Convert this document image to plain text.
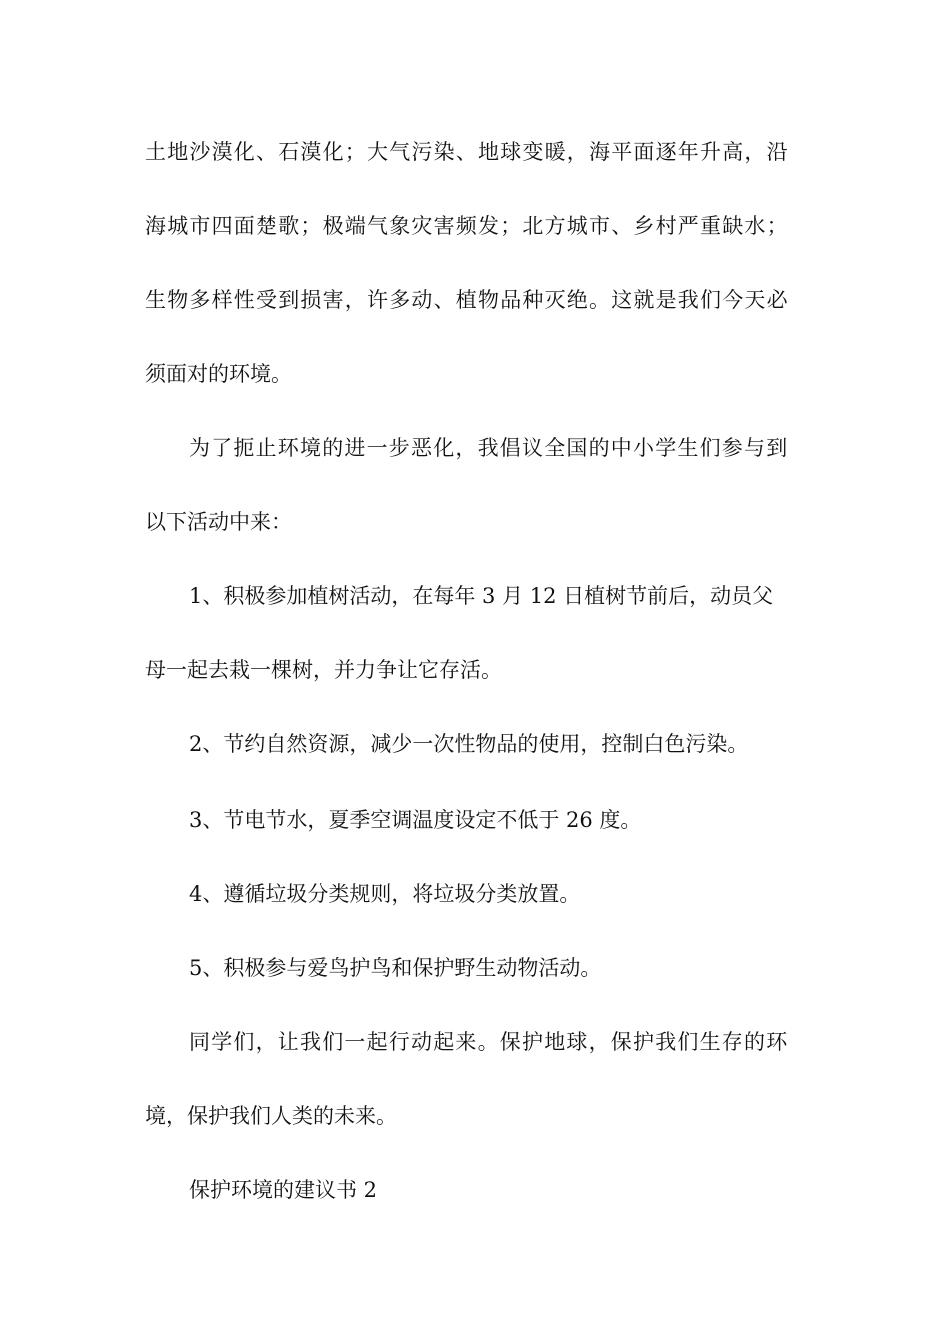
土地沙漠化、石漠化；大气污染、地球变暖，海平面逐年升高，沿
海城市四面楚歌；极端气象灾害频发；北方城市、乡村严重缺水；
生物多样性受到损害，许多动、植物品种灭绝。这就是我们今天必
须面对的环境。
为了扼止环境的进一步恶化，我倡议全国的中小学生们参与到
以下活动中来：
1、积极参加植树活动，在每年 3 月 12 日植树节前后，动员父
母一起去栽一棵树，并力争让它存活。
2、节约自然资源，减少一次性物品的使用，控制白色污染。
3、节电节水，夏季空调温度设定不低于 26 度。
4、遵循垃圾分类规则，将垃圾分类放置。
5、积极参与爱鸟护鸟和保护野生动物活动。
同学们，让我们一起行动起来。保护地球，保护我们生存的环
境，保护我们人类的未来。
保护环境的建议书 2
